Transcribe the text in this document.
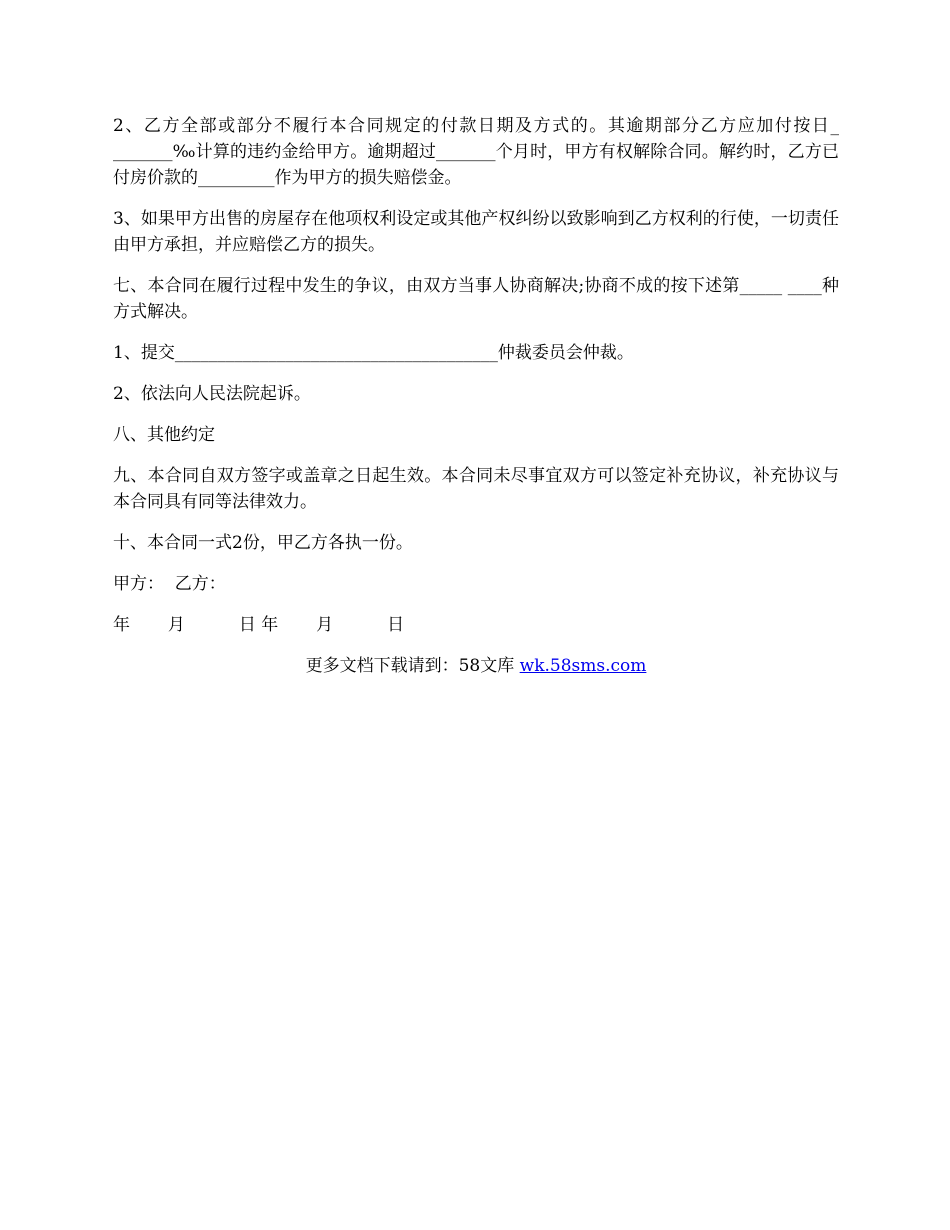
2、乙方全部或部分不履行本合同规定的付款日期及方式的。其逾期部分乙方应加付按日_ _______‰计算的违约金给甲方。逾期超过_______个月时，甲方有权解除合同。解约时，乙方已付房价款的_________作为甲方的损失赔偿金。

3、如果甲方出售的房屋存在他项权利设定或其他产权纠纷以致影响到乙方权利的行使，一切责任由甲方承担，并应赔偿乙方的损失。

七、本合同在履行过程中发生的争议，由双方当事人协商解决;协商不成的按下述第_____ ____种方式解决。

1、提交______________________________________仲裁委员会仲裁。

2、依法向人民法院起诉。

八、其他约定

九、本合同自双方签字或盖章之日起生效。本合同未尽事宜双方可以签定补充协议，补充协议与本合同具有同等法律效力。

十、本合同一式2份，甲乙方各执一份。

甲方：  乙方：

年       月          日 年       月          日

更多文档下载请到：58文库 wk.58sms.com
